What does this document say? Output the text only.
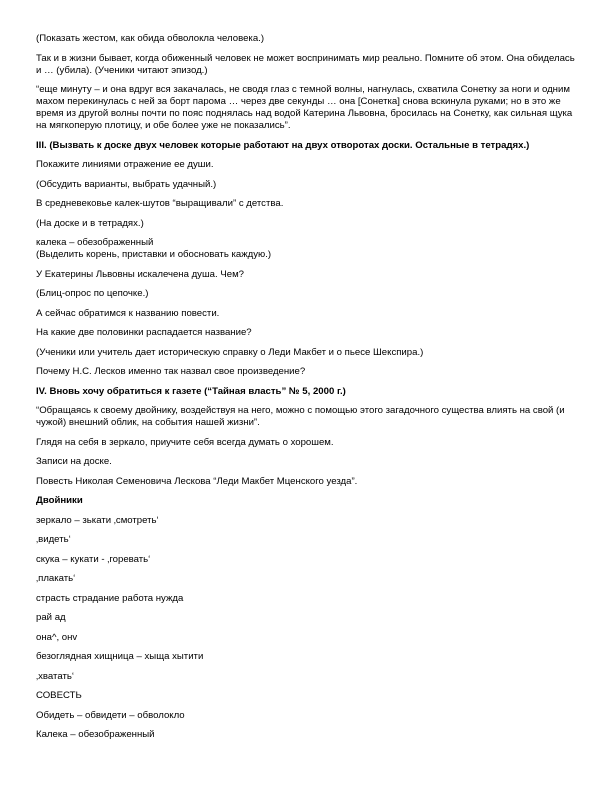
(Показать жестом, как обида обволокла человека.)
Так и в жизни бывает, когда обиженный человек не может воспринимать мир реально. Помните об этом. Она обиделась и … (убила). (Ученики читают эпизод.)
“еще минуту – и она вдруг вся закачалась, не сводя глаз с темной волны, нагнулась, схватила Сонетку за ноги и одним махом перекинулась с ней за борт парома … через две секунды … она [Сонетка] снова вскинула руками; но в это же время из другой волны почти по пояс поднялась над водой Катерина Львовна, бросилась на Сонетку, как сильная щука на мягкоперую плотицу, и обе более уже не показались”.
III. (Вызвать к доске двух человек которые работают на двух отворотах доски. Остальные в тетрадях.)
Покажите линиями отражение ее души.
(Обсудить варианты, выбрать удачный.)
В средневековье калек-шутов “выращивали” с детства.
(На доске и в тетрадях.)
калека – обезображенный
(Выделить корень, приставки и обосновать каждую.)
У Екатерины Львовны искалечена душа. Чем?
(Блиц-опрос по цепочке.)
А сейчас обратимся к названию повести.
На какие две половинки распадается название?
(Ученики или учитель дает историческую справку о Леди Макбет и о пьесе Шекспира.)
Почему Н.С. Лесков именно так назвал свое произведение?
IV. Вновь хочу обратиться к газете (“Тайная власть” № 5, 2000 г.)
“Обращаясь к своему двойнику, воздействуя на него, можно с помощью этого загадочного существа влиять на свой (и чужой) внешний облик, на события нашей жизни”.
Глядя на себя в зеркало, приучите себя всегда думать о хорошем.
Записи на доске.
Повесть Николая Семеновича Лескова “Леди Макбет Мценского уезда”.
Двойники
зеркало – зькати ‚смотреть‘
‚видеть‘
скука – кукати - ‚горевать‘
‚плакать‘
страсть страдание работа нужда
рай ад
она^, онv
безоглядная хищница – хыща хытити
‚хватать‘
СОВЕСТЬ
Обидеть – обвидети – обволокло
Калека – обезображенный
